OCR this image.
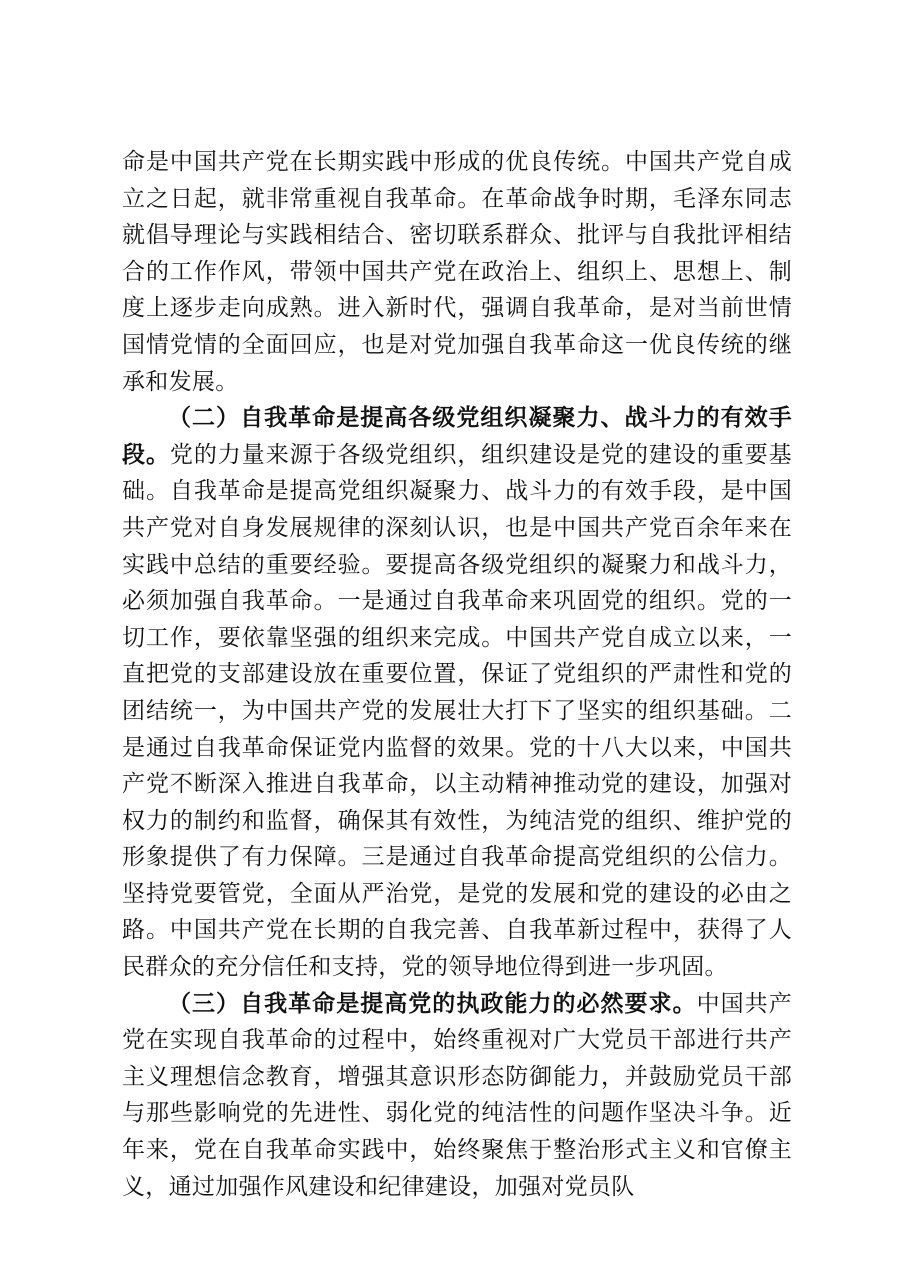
命是中国共产党在长期实践中形成的优良传统。中国共产党自成立之日起，就非常重视自我革命。在革命战争时期，毛泽东同志就倡导理论与实践相结合、密切联系群众、批评与自我批评相结合的工作作风，带领中国共产党在政治上、组织上、思想上、制度上逐步走向成熟。进入新时代，强调自我革命，是对当前世情国情党情的全面回应，也是对党加强自我革命这一优良传统的继承和发展。

（二）自我革命是提高各级党组织凝聚力、战斗力的有效手段。党的力量来源于各级党组织，组织建设是党的建设的重要基础。自我革命是提高党组织凝聚力、战斗力的有效手段，是中国共产党对自身发展规律的深刻认识，也是中国共产党百余年来在实践中总结的重要经验。要提高各级党组织的凝聚力和战斗力，必须加强自我革命。一是通过自我革命来巩固党的组织。党的一切工作，要依靠坚强的组织来完成。中国共产党自成立以来，一直把党的支部建设放在重要位置，保证了党组织的严肃性和党的团结统一，为中国共产党的发展壮大打下了坚实的组织基础。二是通过自我革命保证党内监督的效果。党的十八大以来，中国共产党不断深入推进自我革命，以主动精神推动党的建设，加强对权力的制约和监督，确保其有效性，为纯洁党的组织、维护党的形象提供了有力保障。三是通过自我革命提高党组织的公信力。坚持党要管党，全面从严治党，是党的发展和党的建设的必由之路。中国共产党在长期的自我完善、自我革新过程中，获得了人民群众的充分信任和支持，党的领导地位得到进一步巩固。

（三）自我革命是提高党的执政能力的必然要求。中国共产党在实现自我革命的过程中，始终重视对广大党员干部进行共产主义理想信念教育，增强其意识形态防御能力，并鼓励党员干部与那些影响党的先进性、弱化党的纯洁性的问题作坚决斗争。近年来，党在自我革命实践中，始终聚焦于整治形式主义和官僚主义，通过加强作风建设和纪律建设，加强对党员队
